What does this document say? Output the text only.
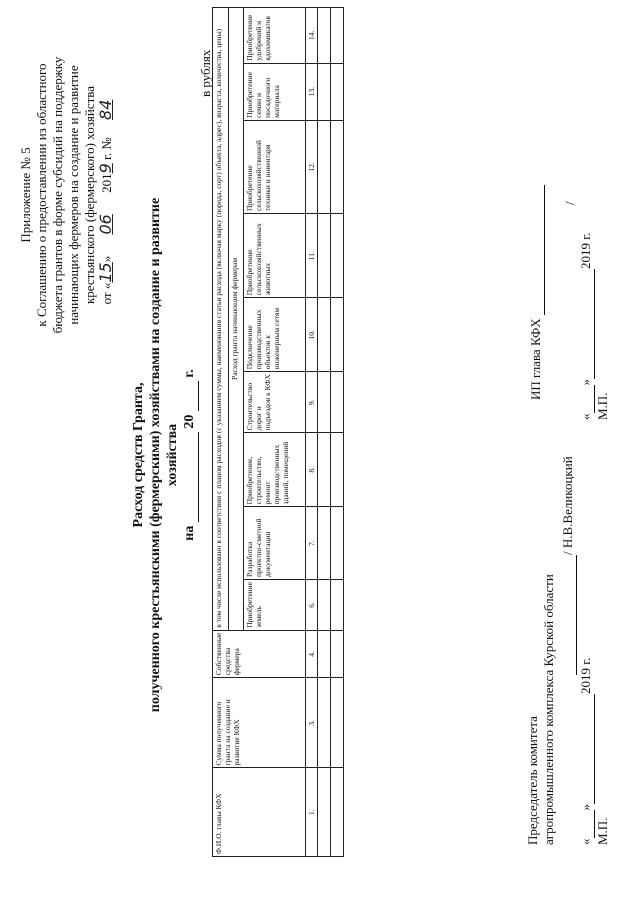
Приложение № 5 к Соглашению о предоставлении из областного бюджета грантов в форме субсидий на поддержку начинающих фермеров на создание и развитие крестьянского (фермерского) хозяйства от «15» 06 2019 г. № 84
Расход средств Гранта, полученного крестьянскими (фермерскими) хозяйствами на создание и развитие хозяйства
на   20   г.
в рублях
Ф.И.О. главы КФХ	Сумма полученного гранта на создание и развитие КФХ	Собственные средства фермера	в том числе использовано в соответствии с планом расходов (с указанием суммы, наименования статьи расхода (включая марку (порода, сорт) объекта, адрес), возраста, количества, цены)								
			Расход гранта начинающим фермерам								
			Приобретение земель	Разработка проектно-сметной документации	Приобретение, строительство, ремонт производственных зданий, помещений	Строительство дорог и подъездов к КФХ	Подключение производственных объектов к инженерным сетям	Приобретение сельскохозяйственных животных	Приобретение сельскохозяйственной техники и инвентаря	Приобретение семян и посадочного материала	Приобретение удобрений и ядохимикатов
1.	3.	4.	6.	7.	8.	9.	10.	11.	12.	13.	14.

Председатель комитета агропромышленного комплекса Курской области
/ Н.В.Великоцкий
« » 2019 г.
М.П.
ИП глава КФХ
/
« » 2019 г.
М.П.
